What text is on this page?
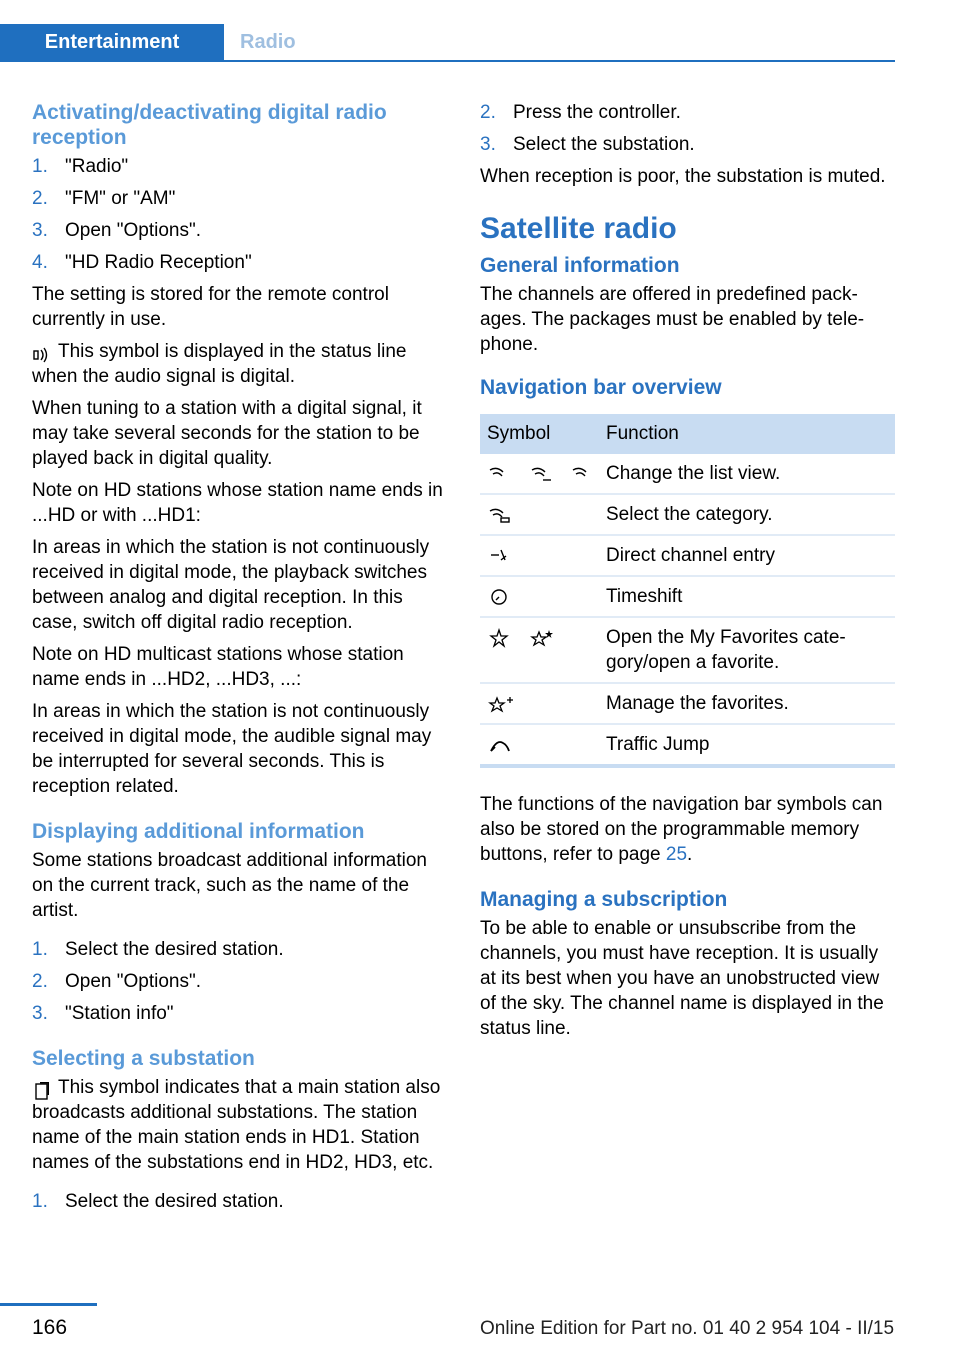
Entertainment	Radio
Activating/deactivating digital radio reception
1. "Radio"
2. "FM" or "AM"
3. Open "Options".
4. "HD Radio Reception"

The setting is stored for the remote control currently in use.

This symbol is displayed in the status line when the audio signal is digital.

When tuning to a station with a digital signal, it may take several seconds for the station to be played back in digital quality.

Note on HD stations whose station name ends in ...HD or with ...HD1:

In areas in which the station is not continuously received in digital mode, the playback switches between analog and digital reception. In this case, switch off digital radio reception.

Note on HD multicast stations whose station name ends in ...HD2, ...HD3, ...:

In areas in which the station is not continuously received in digital mode, the audible signal may be interrupted for several seconds. This is reception related.

Displaying additional information

Some stations broadcast additional information on the current track, such as the name of the artist.

1. Select the desired station.
2. Open "Options".
3. "Station info"
Selecting a substation

This symbol indicates that a main station also broadcasts additional substations. The station name of the main station ends in HD1. Station names of the substations end in HD2, HD3, etc.

1. Select the desired station.
2. Press the controller.
3. Select the substation.

When reception is poor, the substation is muted.

Satellite radio
General information

The channels are offered in predefined packages. The packages must be enabled by telephone.

Navigation bar overview
Symbol	Function
	Change the list view.
	Select the category.
	Direct channel entry
	Timeshift
	Open the My Favorites category/open a favorite.
	Manage the favorites.
	Traffic Jump

The functions of the navigation bar symbols can also be stored on the programmable memory buttons, refer to page 25.

Managing a subscription

To be able to enable or unsubscribe from the channels, you must have reception. It is usually at its best when you have an unobstructed view of the sky. The channel name is displayed in the status line.

166	Online Edition for Part no. 01 40 2 954 104 - II/15
